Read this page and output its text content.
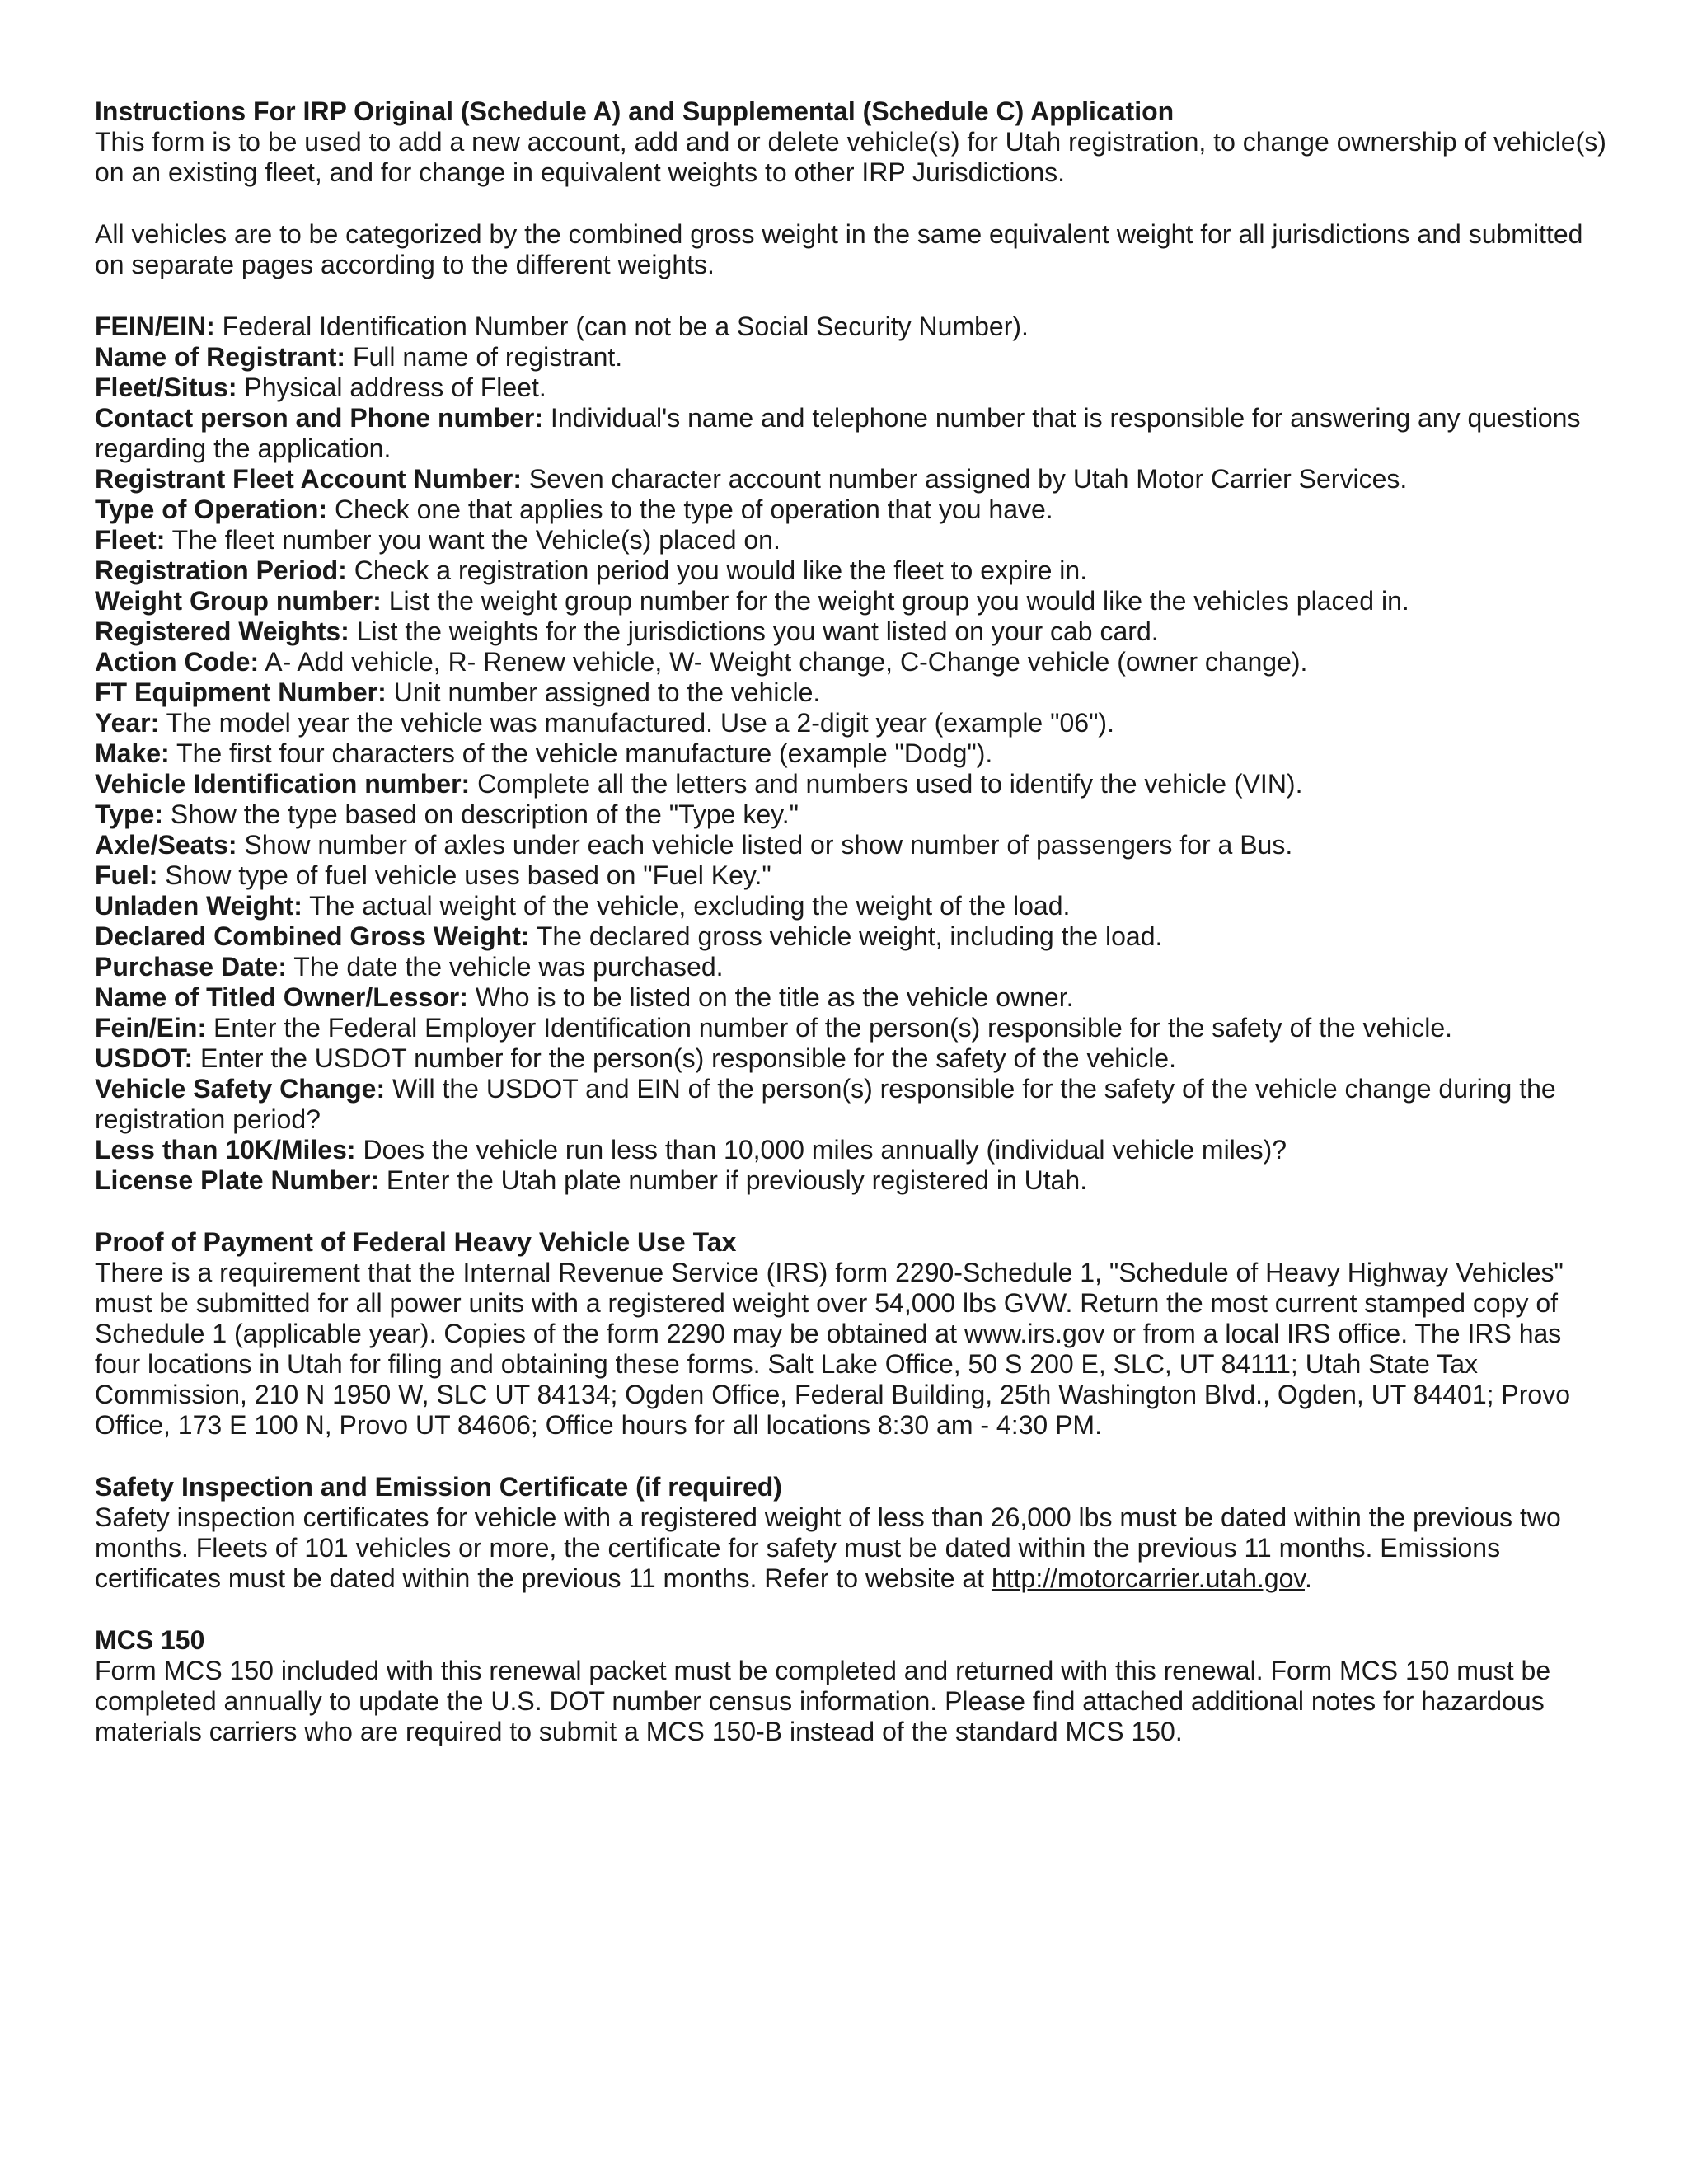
Instructions For IRP Original (Schedule A) and Supplemental (Schedule C) Application

This form is to be used to add a new account, add and or delete vehicle(s) for Utah registration, to change ownership of vehicle(s) on an existing fleet, and for change in equivalent weights to other IRP Jurisdictions.

All vehicles are to be categorized by the combined gross weight in the same equivalent weight for all jurisdictions and submitted on separate pages according to the different weights.

FEIN/EIN: Federal Identification Number (can not be a Social Security Number).

Name of Registrant: Full name of registrant.

Fleet/Situs: Physical address of Fleet.

Contact person and Phone number: Individual's name and telephone number that is responsible for answering any questions regarding the application.

Registrant Fleet Account Number: Seven character account number assigned by Utah Motor Carrier Services.

Type of Operation: Check one that applies to the type of operation that you have.

Fleet: The fleet number you want the Vehicle(s) placed on.

Registration Period: Check a registration period you would like the fleet to expire in.

Weight Group number: List the weight group number for the weight group you would like the vehicles placed in.

Registered Weights: List the weights for the jurisdictions you want listed on your cab card.

Action Code: A- Add vehicle, R- Renew vehicle, W- Weight change, C-Change vehicle (owner change).

FT Equipment Number: Unit number assigned to the vehicle.

Year: The model year the vehicle was manufactured. Use a 2-digit year (example "06").

Make: The first four characters of the vehicle manufacture (example "Dodg").

Vehicle Identification number: Complete all the letters and numbers used to identify the vehicle (VIN).

Type: Show the type based on description of the "Type key."

Axle/Seats: Show number of axles under each vehicle listed or show number of passengers for a Bus.

Fuel: Show type of fuel vehicle uses based on "Fuel Key."

Unladen Weight: The actual weight of the vehicle, excluding the weight of the load.

Declared Combined Gross Weight: The declared gross vehicle weight, including the load.

Purchase Date: The date the vehicle was purchased.

Name of Titled Owner/Lessor: Who is to be listed on the title as the vehicle owner.

Fein/Ein: Enter the Federal Employer Identification number of the person(s) responsible for the safety of the vehicle.

USDOT: Enter the USDOT number for the person(s) responsible for the safety of the vehicle.

Vehicle Safety Change: Will the USDOT and EIN of the person(s) responsible for the safety of the vehicle change during the registration period?

Less than 10K/Miles: Does the vehicle run less than 10,000 miles annually (individual vehicle miles)?

License Plate Number: Enter the Utah plate number if previously registered in Utah.

Proof of Payment of Federal Heavy Vehicle Use Tax

There is a requirement that the Internal Revenue Service (IRS) form 2290-Schedule 1, "Schedule of Heavy Highway Vehicles" must be submitted for all power units with a registered weight over 54,000 lbs GVW. Return the most current stamped copy of Schedule 1 (applicable year). Copies of the form 2290 may be obtained at www.irs.gov or from a local IRS office. The IRS has four locations in Utah for filing and obtaining these forms. Salt Lake Office, 50 S 200 E, SLC, UT 84111; Utah State Tax Commission, 210 N 1950 W, SLC UT 84134; Ogden Office, Federal Building, 25th Washington Blvd., Ogden, UT 84401; Provo Office, 173 E 100 N, Provo UT 84606; Office hours for all locations 8:30 am - 4:30 PM.

Safety Inspection and Emission Certificate (if required)

Safety inspection certificates for vehicle with a registered weight of less than 26,000 lbs must be dated within the previous two months. Fleets of 101 vehicles or more, the certificate for safety must be dated within the previous 11 months. Emissions certificates must be dated within the previous 11 months. Refer to website at http://motorcarrier.utah.gov.

MCS 150

Form MCS 150 included with this renewal packet must be completed and returned with this renewal. Form MCS 150 must be completed annually to update the U.S. DOT number census information. Please find attached additional notes for hazardous materials carriers who are required to submit a MCS 150-B instead of the standard MCS 150.
